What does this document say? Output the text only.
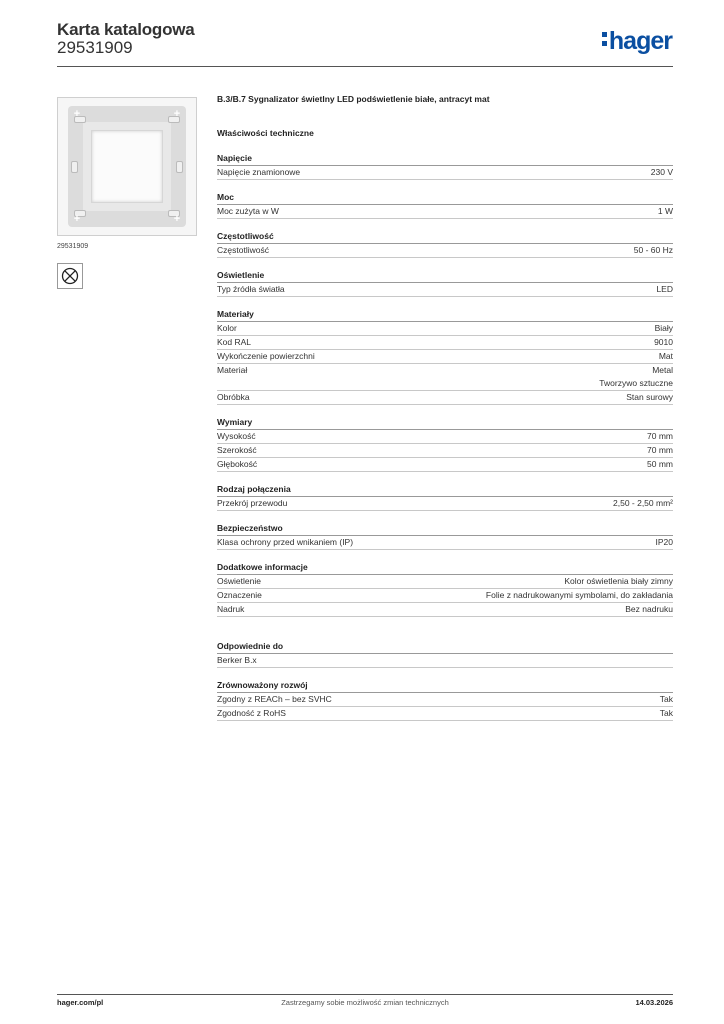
Karta katalogowa
29531909	hager
+	+
+	+
29531909
B.3/B.7 Sygnalizator świetlny LED podświetlenie białe, antracyt mat
Właściwości techniczne
Napięcie
Napięcie znamionowe	230 V
Moc
Moc zużyta w W	1 W
Częstotliwość
Częstotliwość	50 - 60 Hz
Oświetlenie
Typ źródła światła	LED
Materiały
Kolor	Biały
Kod RAL	9010
Wykończenie powierzchni	Mat
Materiał	Metal
Tworzywo sztuczne
Obróbka	Stan surowy
Wymiary
Wysokość	70 mm
Szerokość	70 mm
Głębokość	50 mm
Rodzaj połączenia
Przekrój przewodu	2,50 - 2,50 mm²
Bezpieczeństwo
Klasa ochrony przed wnikaniem (IP)	IP20
Dodatkowe informacje
Oświetlenie	Kolor oświetlenia biały zimny
Oznaczenie	Folie z nadrukowanymi symbolami, do zakładania
Nadruk	Bez nadruku
Odpowiednie do
Berker B.x
Zrównoważony rozwój
Zgodny z REACh – bez SVHC	Tak
Zgodność z RoHS	Tak
hager.com/pl	Zastrzegamy sobie możliwość zmian technicznych	14.03.2026
